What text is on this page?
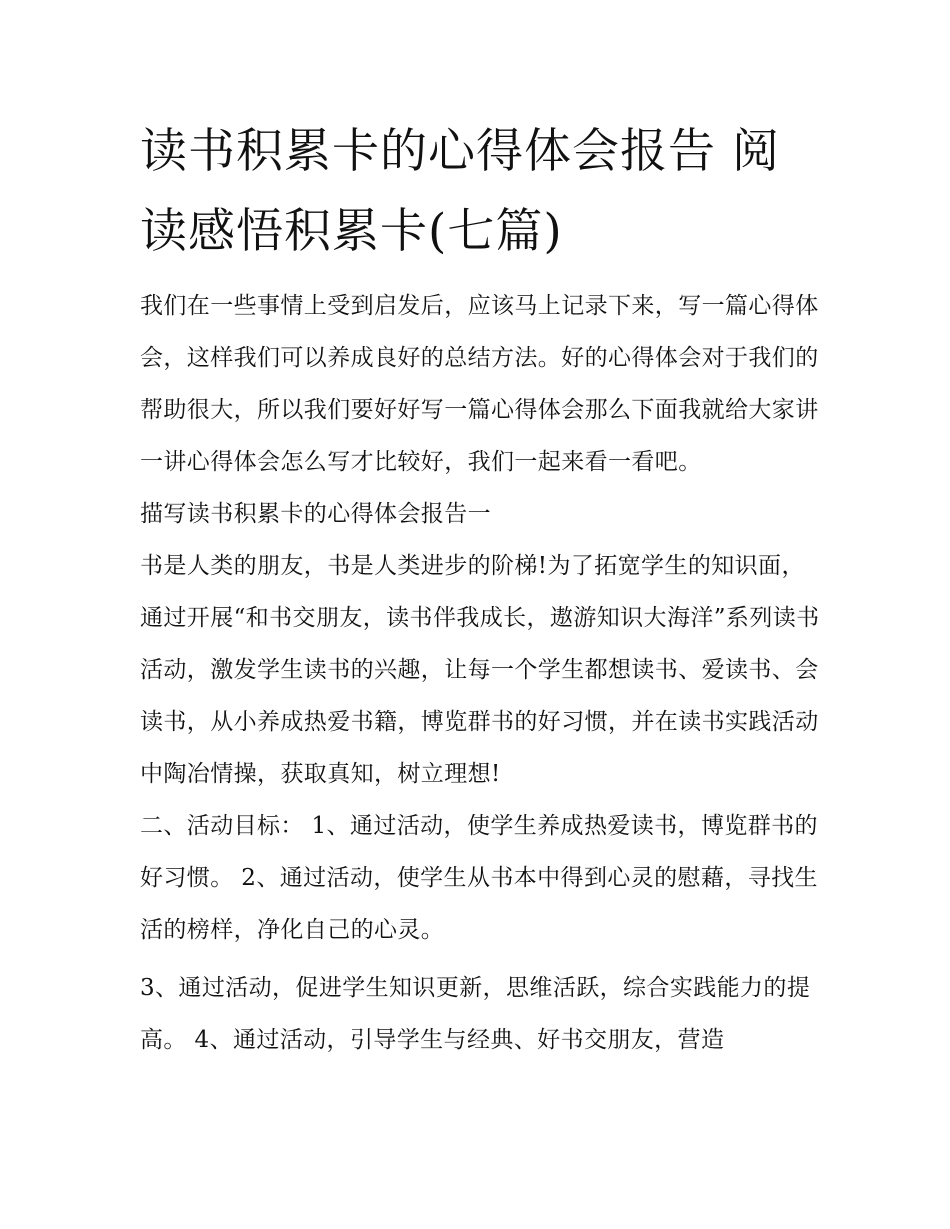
读书积累卡的心得体会报告 阅读感悟积累卡(七篇)

我们在一些事情上受到启发后，应该马上记录下来，写一篇心得体会，这样我们可以养成良好的总结方法。好的心得体会对于我们的帮助很大，所以我们要好好写一篇心得体会那么下面我就给大家讲一讲心得体会怎么写才比较好，我们一起来看一看吧。

描写读书积累卡的心得体会报告一

书是人类的朋友，书是人类进步的阶梯!为了拓宽学生的知识面，通过开展“和书交朋友，读书伴我成长，遨游知识大海洋”系列读书活动，激发学生读书的兴趣，让每一个学生都想读书、爱读书、会读书，从小养成热爱书籍，博览群书的好习惯，并在读书实践活动中陶冶情操，获取真知，树立理想!

二、活动目标： 1、通过活动，使学生养成热爱读书，博览群书的好习惯。 2、通过活动，使学生从书本中得到心灵的慰藉，寻找生活的榜样，净化自己的心灵。

3、通过活动，促进学生知识更新，思维活跃，综合实践能力的提高。 4、通过活动，引导学生与经典、好书交朋友，营造
